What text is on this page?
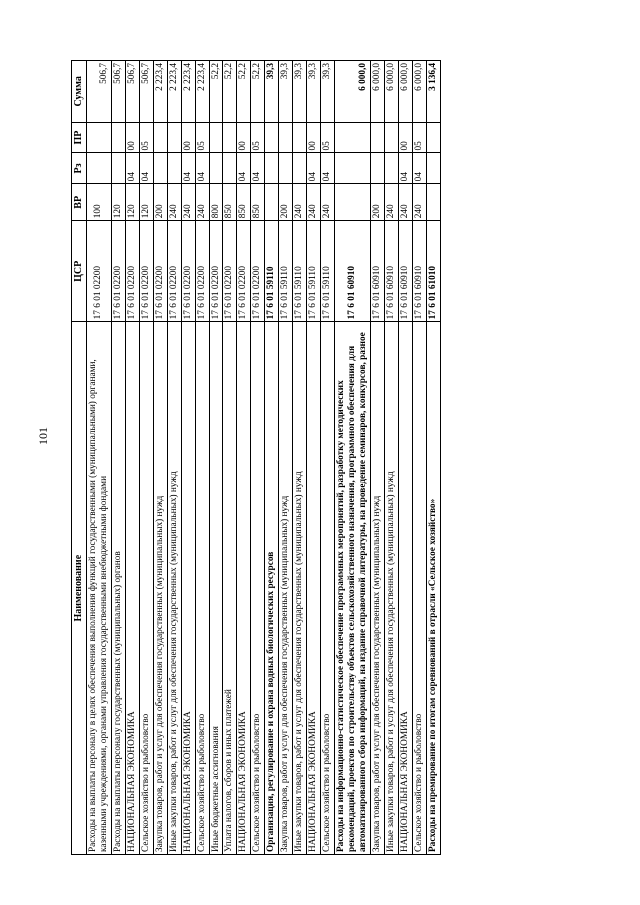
101
Наименование	ЦСР	ВР	Рз	ПР	Сумма
Расходы на выплаты персоналу в целях обеспечения выполнения функций государственными (муниципальными) органами, казенными учреждениями, органами управления государственными внебюджетными фондами	17 6 01 02200	100			506,7
Расходы на выплаты персоналу государственных (муниципальных) органов	17 6 01 02200	120			506,7
НАЦИОНАЛЬНАЯ ЭКОНОМИКА	17 6 01 02200	120	04	00	506,7
Сельское хозяйство и рыболовство	17 6 01 02200	120	04	05	506,7
Закупка товаров, работ и услуг для обеспечения государственных (муниципальных) нужд	17 6 01 02200	200			2 223,4
Иные закупки товаров, работ и услуг для обеспечения государственных (муниципальных) нужд	17 6 01 02200	240			2 223,4
НАЦИОНАЛЬНАЯ ЭКОНОМИКА	17 6 01 02200	240	04	00	2 223,4
Сельское хозяйство и рыболовство	17 6 01 02200	240	04	05	2 223,4
Иные бюджетные ассигнования	17 6 01 02200	800			52,2
Уплата налогов, сборов и иных платежей	17 6 01 02200	850			52,2
НАЦИОНАЛЬНАЯ ЭКОНОМИКА	17 6 01 02200	850	04	00	52,2
Сельское хозяйство и рыболовство	17 6 01 02200	850	04	05	52,2
Организация, регулирование и охрана водных биологических ресурсов	17 6 01 59110				39,3
Закупка товаров, работ и услуг для обеспечения государственных (муниципальных) нужд	17 6 01 59110	200			39,3
Иные закупки товаров, работ и услуг для обеспечения государственных (муниципальных) нужд	17 6 01 59110	240			39,3
НАЦИОНАЛЬНАЯ ЭКОНОМИКА	17 6 01 59110	240	04	00	39,3
Сельское хозяйство и рыболовство	17 6 01 59110	240	04	05	39,3
Расходы на информационно-статистическое обеспечение программных мероприятий, разработку методических рекомендаций, проектов по строительству объектов сельскохозяйственного назначения, программного обеспечения для автоматизированного сбора информаций, на издание справочной литературы, на проведение семинаров, конкурсов, разное	17 6 01 60910				6 000,0
Закупка товаров, работ и услуг для обеспечения государственных (муниципальных) нужд	17 6 01 60910	200			6 000,0
Иные закупки товаров, работ и услуг для обеспечения государственных (муниципальных) нужд	17 6 01 60910	240			6 000,0
НАЦИОНАЛЬНАЯ ЭКОНОМИКА	17 6 01 60910	240	04	00	6 000,0
Сельское хозяйство и рыболовство	17 6 01 60910	240	04	05	6 000,0
Расходы на премирование по итогам соревнований в отрасли «Сельское хозяйство»	17 6 01 61010				3 136,4
